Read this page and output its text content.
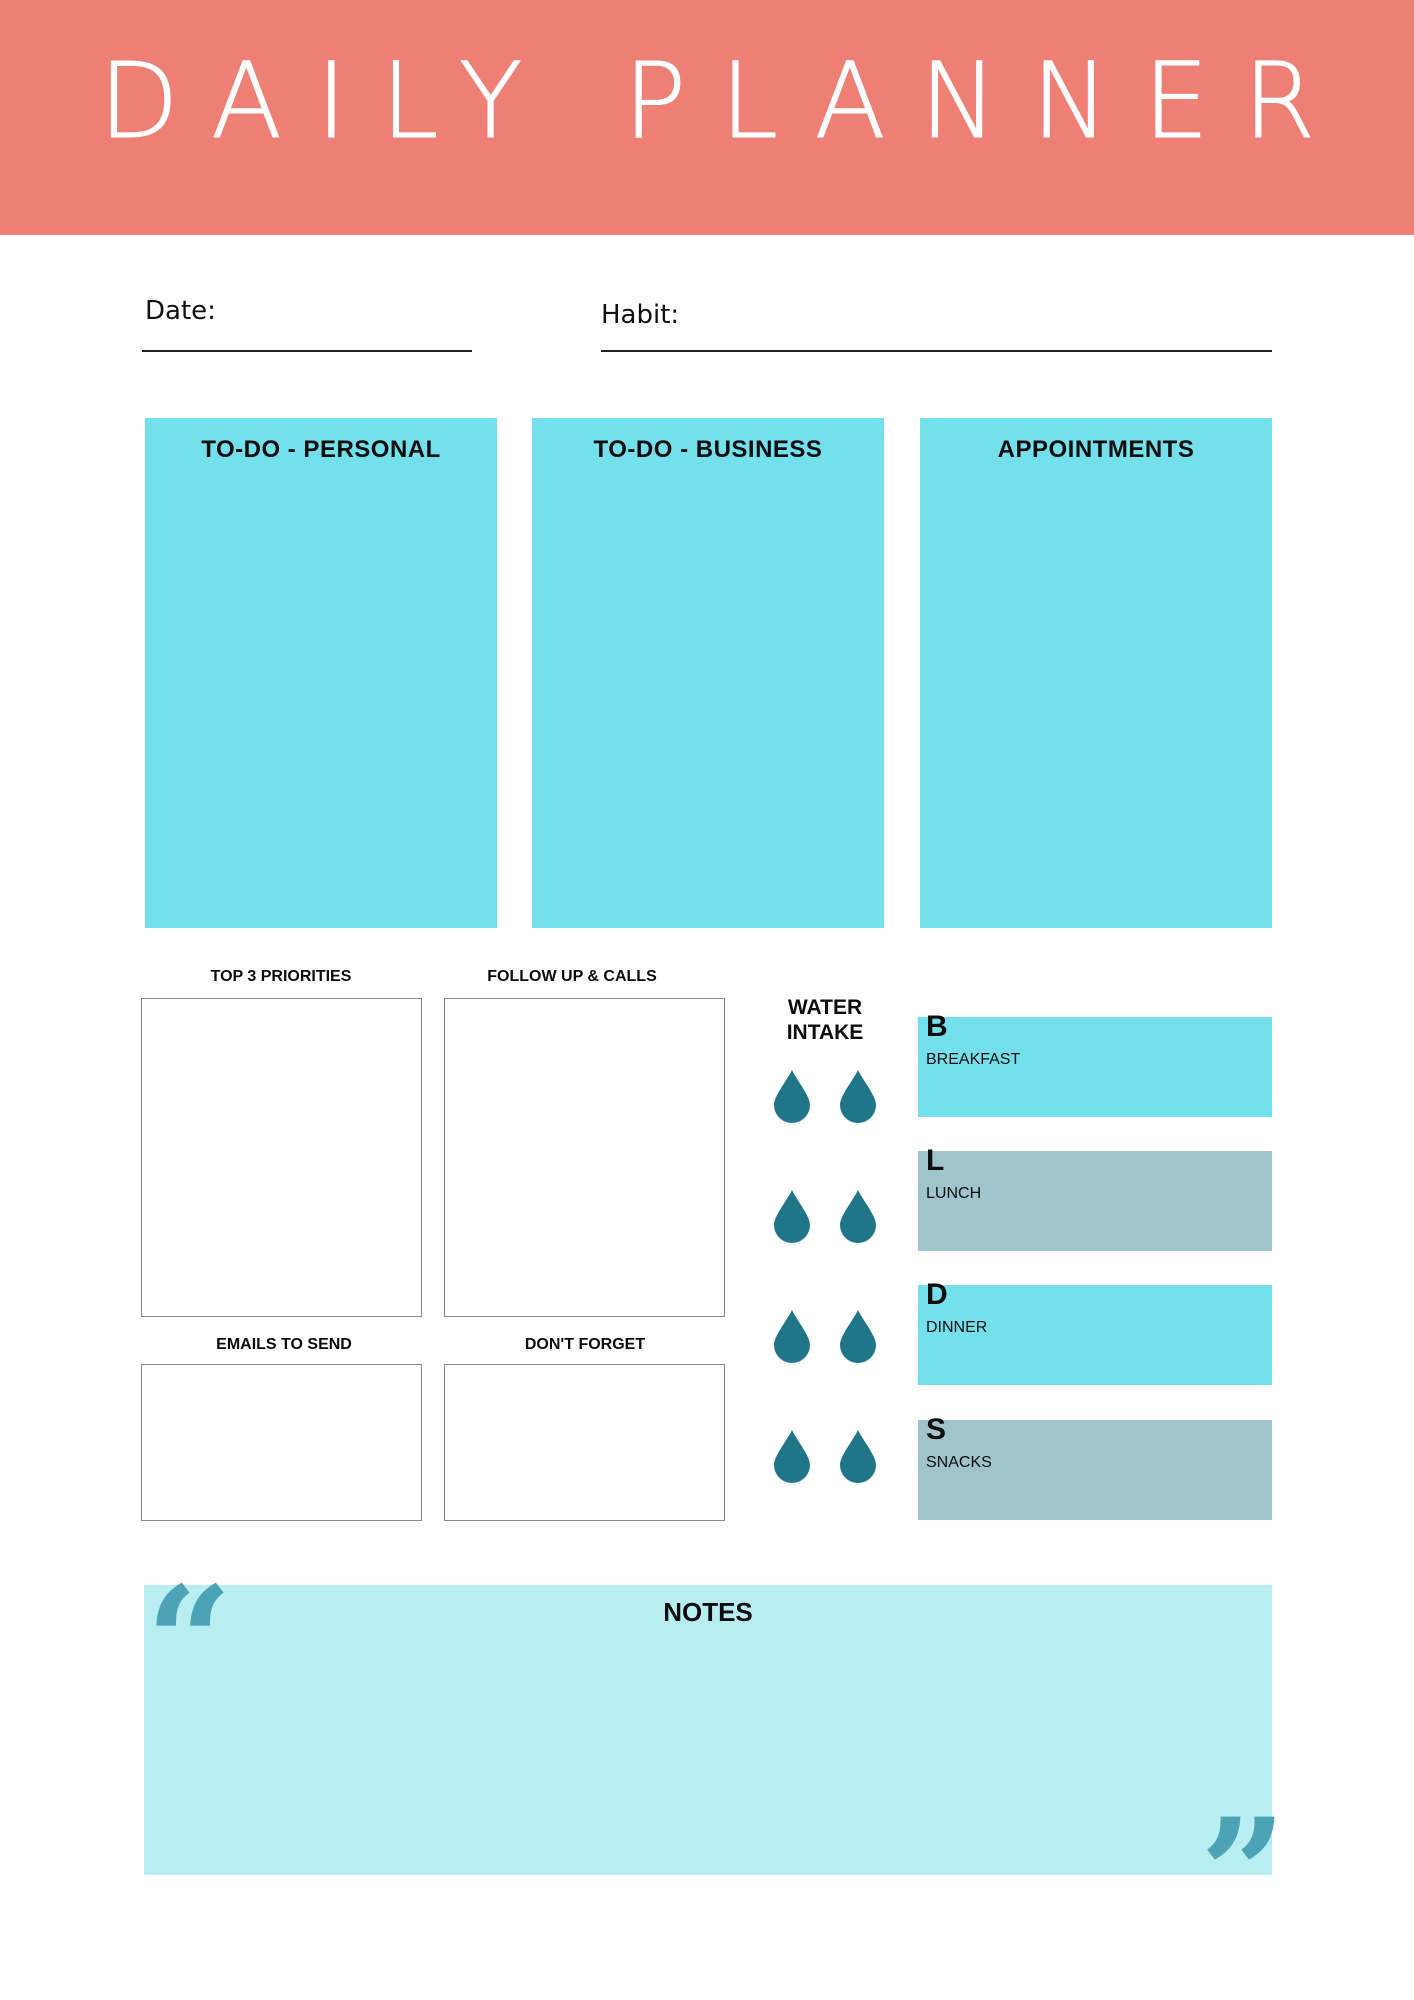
DAILY PLANNER
Date:	Habit:
TO-DO - PERSONAL	TO-DO - BUSINESS	APPOINTMENTS
TOP 3 PRIORITIES	FOLLOW UP & CALLS
EMAILS TO SEND	DON'T FORGET
WATER
INTAKE	B
BREAKFAST
L
LUNCH
D
DINNER
S
SNACKS
“	NOTES
”
